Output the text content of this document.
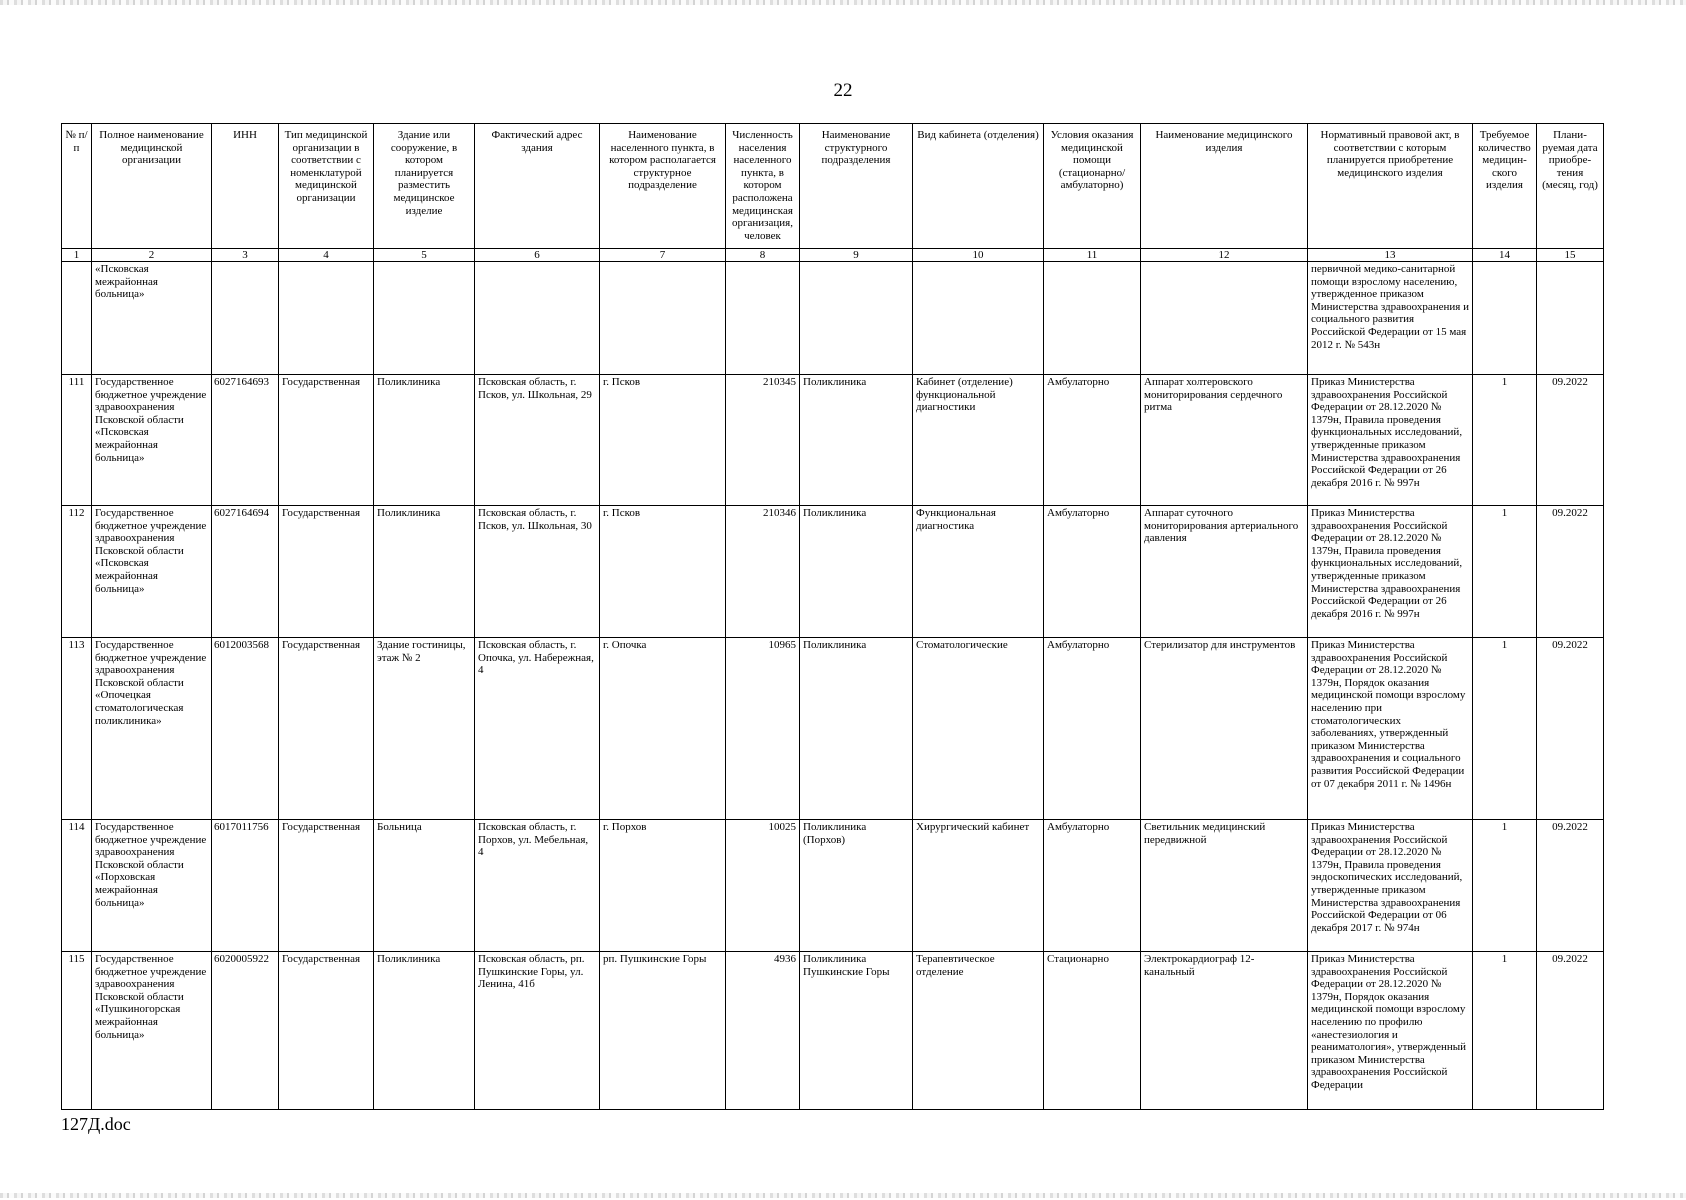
22
№ п/п	Полное наименование медицинской организации	ИНН	Тип медицинской организации в соответствии с номенклатурой медицинской организации	Здание или сооружение, в котором планируется разместить медицинское изделие	Фактический адрес здания	Наименование населенного пункта, в котором располагается структурное подразделение	Численность населения населенного пункта, в котором расположена медицинская организация, человек	Наименование структурного подразделения	Вид кабинета (отделения)	Условия оказания медицинской помощи (стационарно/ амбулаторно)	Наименование медицинского изделия	Нормативный правовой акт, в соответствии с которым планируется приобретение медицинского изделия	Требуемое количество медицин-ского изделия	Плани-руемая дата приобре-тения (месяц, год)
1	2	3	4	5	6	7	8	9	10	11	12	13	14	15
	«Псковская межрайонная больница»											первичной медико-санитарной помощи взрослому населению, утвержденное приказом Министерства здравоохранения и социального развития Российской Федерации от 15 мая 2012 г. № 543н		
111	Государственное бюджетное учреждение здравоохранения Псковской области «Псковская межрайонная больница»	6027164693	Государственная	Поликлиника	Псковская область, г. Псков, ул. Школьная, 29	г. Псков	210345	Поликлиника	Кабинет (отделение) функциональной диагностики	Амбулаторно	Аппарат холтеровского мониторирования сердечного ритма	Приказ Министерства здравоохранения Российской Федерации от 28.12.2020 № 1379н, Правила проведения функциональных исследований, утвержденные приказом Министерства здравоохранения Российской Федерации от 26 декабря 2016 г. № 997н	1	09.2022
112	Государственное бюджетное учреждение здравоохранения Псковской области «Псковская межрайонная больница»	6027164694	Государственная	Поликлиника	Псковская область, г. Псков, ул. Школьная, 30	г. Псков	210346	Поликлиника	Функциональная диагностика	Амбулаторно	Аппарат суточного мониторирования артериального давления	Приказ Министерства здравоохранения Российской Федерации от 28.12.2020 № 1379н, Правила проведения функциональных исследований, утвержденные приказом Министерства здравоохранения Российской Федерации от 26 декабря 2016 г. № 997н	1	09.2022
113	Государственное бюджетное учреждение здравоохранения Псковской области «Опочецкая стоматологическая поликлиника»	6012003568	Государственная	Здание гостиницы, этаж № 2	Псковская область, г. Опочка, ул. Набережная, 4	г. Опочка	10965	Поликлиника	Стоматологические	Амбулаторно	Стерилизатор для инструментов	Приказ Министерства здравоохранения Российской Федерации от 28.12.2020 № 1379н, Порядок оказания медицинской помощи взрослому населению при стоматологических заболеваниях, утвержденный приказом Министерства здравоохранения и социального развития Российской Федерации от 07 декабря 2011 г. № 1496н	1	09.2022
114	Государственное бюджетное учреждение здравоохранения Псковской области «Порховская межрайонная больница»	6017011756	Государственная	Больница	Псковская область, г. Порхов, ул. Мебельная, 4	г. Порхов	10025	Поликлиника (Порхов)	Хирургический кабинет	Амбулаторно	Светильник медицинский передвижной	Приказ Министерства здравоохранения Российской Федерации от 28.12.2020 № 1379н, Правила проведения эндоскопических исследований, утвержденные приказом Министерства здравоохранения Российской Федерации от 06 декабря 2017 г. № 974н	1	09.2022
115	Государственное бюджетное учреждение здравоохранения Псковской области «Пушкиногорская межрайонная больница»	6020005922	Государственная	Поликлиника	Псковская область, рп. Пушкинские Горы, ул. Ленина, 41б	рп. Пушкинские Горы	4936	Поликлиника Пушкинские Горы	Терапевтическое отделение	Стационарно	Электрокардиограф 12-канальный	Приказ Министерства здравоохранения Российской Федерации от 28.12.2020 № 1379н, Порядок оказания медицинской помощи взрослому населению по профилю «анестезиология и реаниматология», утвержденный приказом Министерства здравоохранения Российской Федерации	1	09.2022
127Д.doc
